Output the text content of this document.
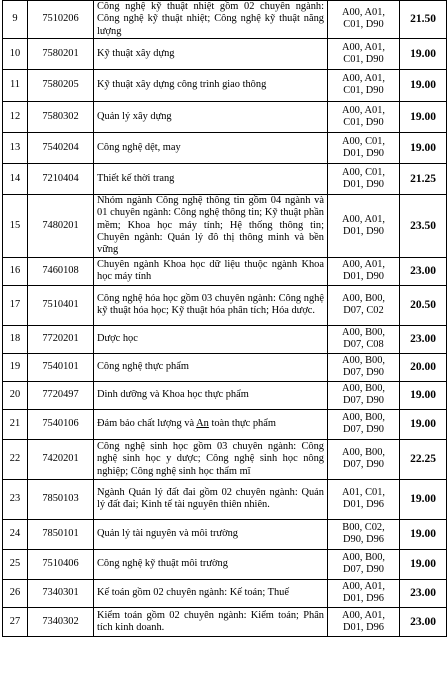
9	7510206	Công nghệ kỹ thuật nhiệt gồm 02 chuyên ngành: Công nghệ kỹ thuật nhiệt; Công nghệ kỹ thuật năng lượng	A00, A01,
C01, D90	21.50
10	7580201	Kỹ thuật xây dựng	A00, A01,
C01, D90	19.00
11	7580205	Kỹ thuật xây dựng công trình giao thông	A00, A01,
C01, D90	19.00
12	7580302	Quản lý xây dựng	A00, A01,
C01, D90	19.00
13	7540204	Công nghệ dệt, may	A00, C01,
D01, D90	19.00
14	7210404	Thiết kế thời trang	A00, C01,
D01, D90	21.25
15	7480201	Nhóm ngành Công nghệ thông tin gồm 04 ngành và 01 chuyên ngành: Công nghệ thông tin; Kỹ thuật phần mềm; Khoa học máy tính; Hệ thống thông tin; Chuyên ngành: Quản lý đô thị thông minh và bền vững	A00, A01,
D01, D90	23.50
16	7460108	Chuyên ngành Khoa học dữ liệu thuộc ngành Khoa học máy tính	A00, A01,
D01, D90	23.00
17	7510401	Công nghệ hóa học gồm 03 chuyên ngành: Công nghệ kỹ thuật hóa học; Kỹ thuật hóa phân tích; Hóa dược.	A00, B00,
D07, C02	20.50
18	7720201	Dược học	A00, B00,
D07, C08	23.00
19	7540101	Công nghệ thực phẩm	A00, B00,
D07, D90	20.00
20	7720497	Dinh dưỡng và Khoa học thực phẩm	A00, B00,
D07, D90	19.00
21	7540106	Đảm bảo chất lượng và An toàn thực phẩm	A00, B00,
D07, D90	19.00
22	7420201	Công nghệ sinh học gồm 03 chuyên ngành: Công nghệ sinh học y dược; Công nghệ sinh học nông nghiệp; Công nghệ sinh học thẩm mĩ	A00, B00,
D07, D90	22.25
23	7850103	Ngành Quản lý đất đai gồm 02 chuyên ngành: Quản lý đất đai; Kinh tế tài nguyên thiên nhiên.	A01, C01,
D01, D96	19.00
24	7850101	Quản lý tài nguyên và môi trường	B00, C02,
D90, D96	19.00
25	7510406	Công nghệ kỹ thuật môi trường	A00, B00,
D07, D90	19.00
26	7340301	Kế toán gồm 02 chuyên ngành: Kế toán; Thuế	A00, A01,
D01, D96	23.00
27	7340302	Kiểm toán gồm 02 chuyên ngành: Kiểm toán; Phân tích kinh doanh.	A00, A01,
D01, D96	23.00
